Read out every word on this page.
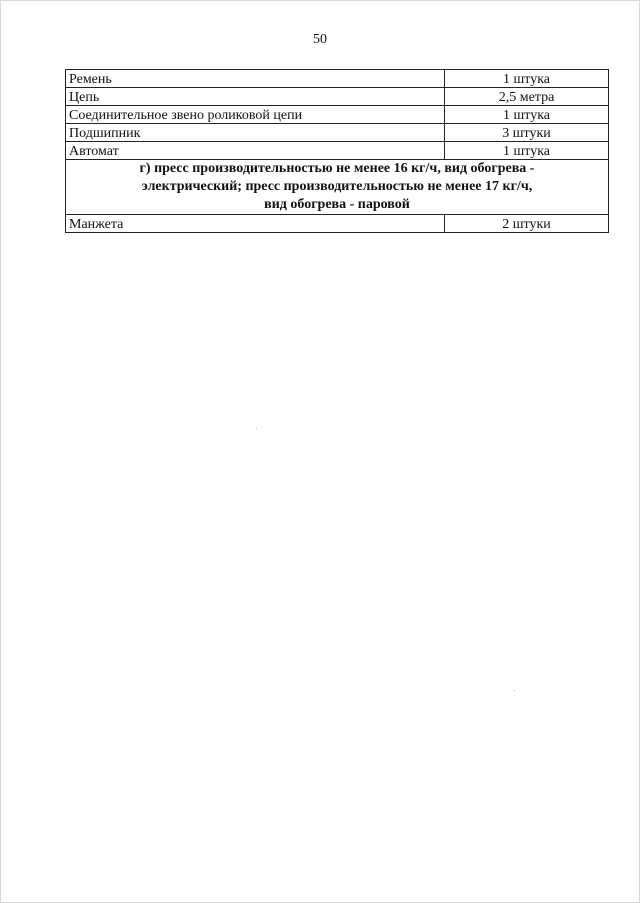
50
Ремень	1 штука
Цепь	2,5 метра
Соединительное звено роликовой цепи	1 штука
Подшипник	3 штуки
Автомат	1 штука

г) пресс производительностью не менее 16 кг/ч, вид обогрева -
электрический; пресс производительностью не менее 17 кг/ч,
вид обогрева - паровой	

Манжета	2 штуки
